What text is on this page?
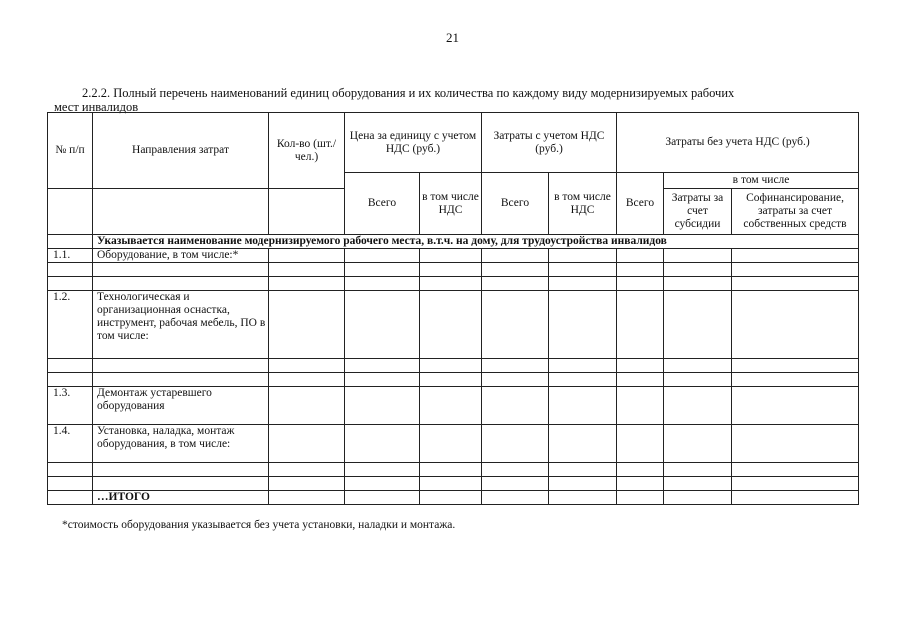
21
2.2.2. Полный перечень наименований единиц оборудования и их количества по каждому виду модернизируемых рабочих
мест инвалидов
№ п/п	Направления затрат	Кол-во (шт./чел.)	Цена за единицу с учетом НДС (руб.)		Затраты с учетом НДС (руб.)		Затраты без учета НДС (руб.)		
			Всего	в том числе НДС	Всего	в том числе НДС			
							Всего	в том числе	
								Затраты за счет субсидии	Софинансирование, затраты за счет собственных средств
	Указывается наименование модернизируемого рабочего места, в.т.ч. на дому, для трудоустройства инвалидов								
1.1.	Оборудование, в том числе:*								

1.2.	Технологическая и организационная оснастка, инструмент, рабочая мебель, ПО в том числе:								

1.3.	Демонтаж устаревшего оборудования								
1.4.	Установка, наладка, монтаж оборудования, в том числе:								

	…ИТОГО								
*стоимость оборудования указывается без учета установки, наладки и монтажа.
